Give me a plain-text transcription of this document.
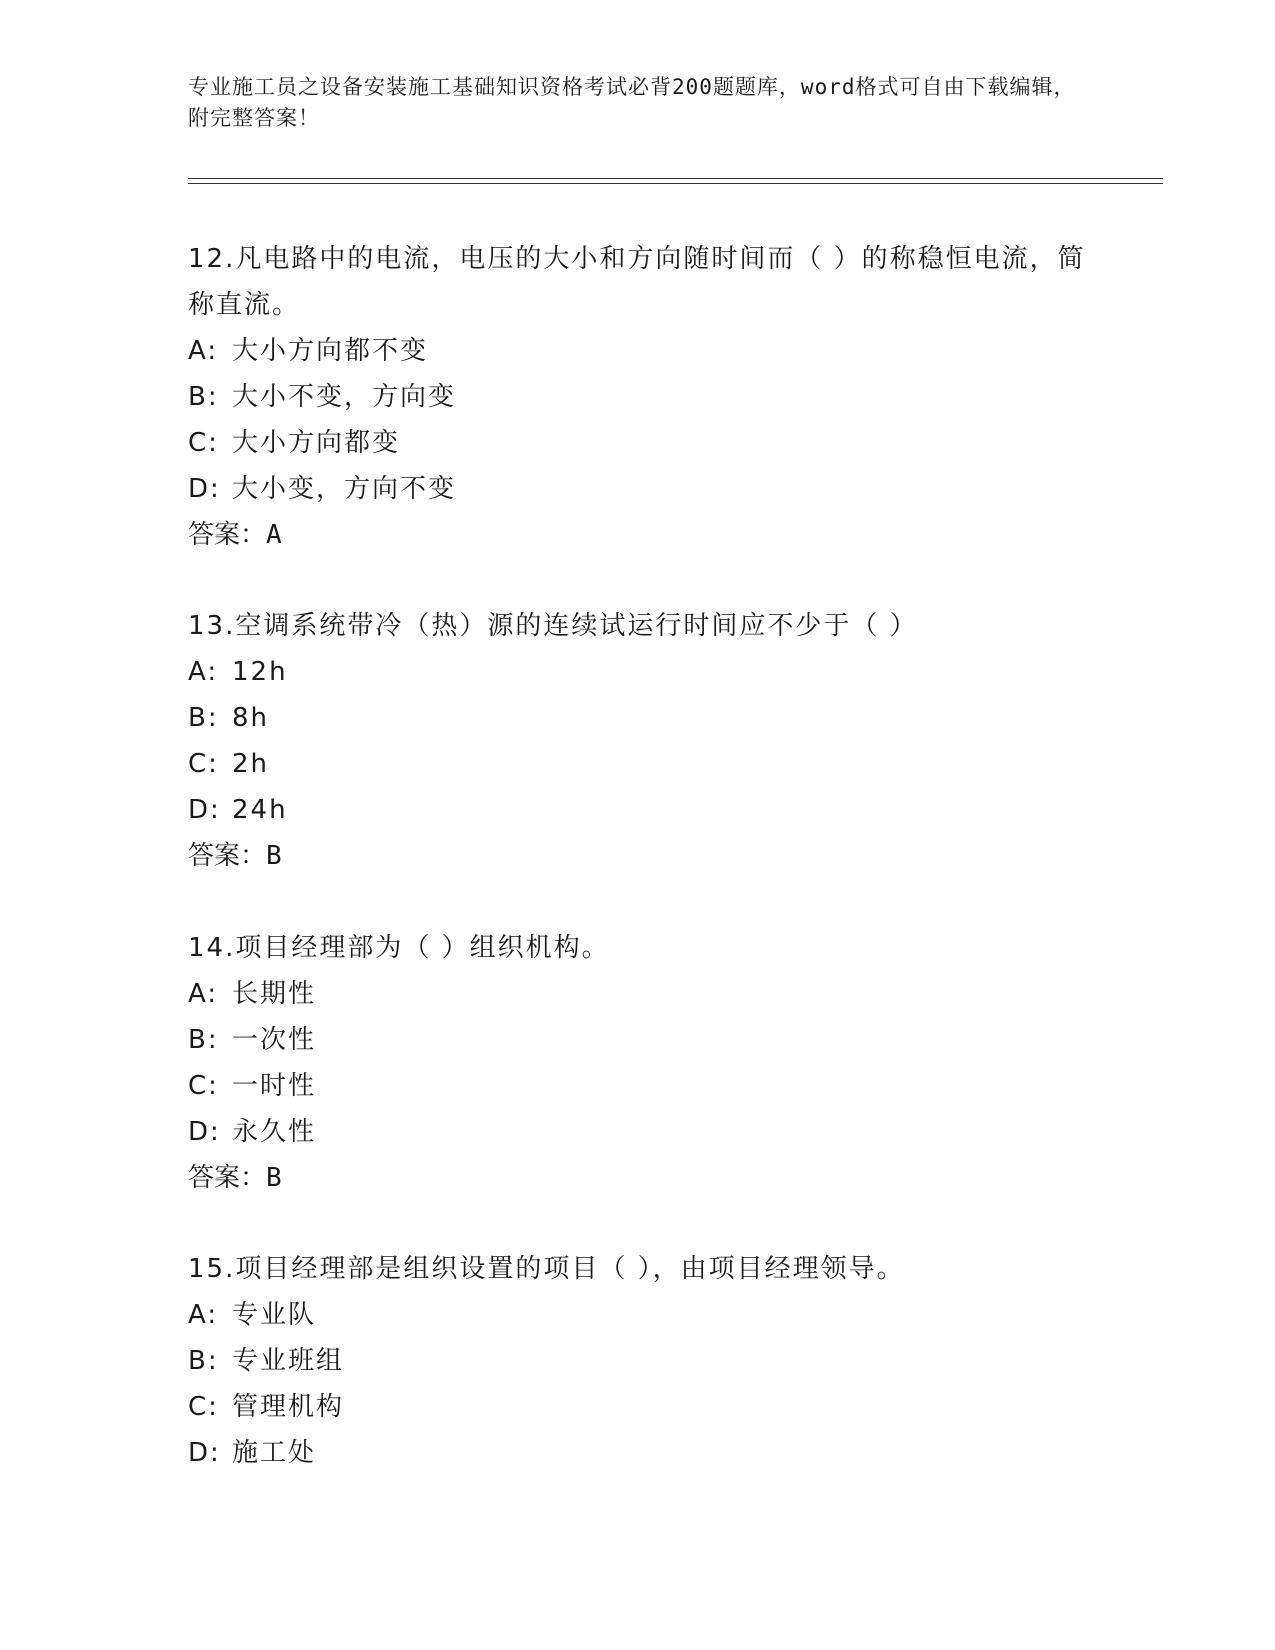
专业施工员之设备安装施工基础知识资格考试必背200题题库，word格式可自由下载编辑，附完整答案！

12.凡电路中的电流，电压的大小和方向随时间而（ ）的称稳恒电流，简称直流。

A: 大小方向都不变

B: 大小不变，方向变

C: 大小方向都变

D: 大小变，方向不变

答案：A

13.空调系统带冷（热）源的连续试运行时间应不少于（ ）

A: 12h

B: 8h

C: 2h

D: 24h

答案：B

14.项目经理部为（ ）组织机构。

A: 长期性

B: 一次性

C: 一时性

D: 永久性

答案：B

15.项目经理部是组织设置的项目（ ），由项目经理领导。

A: 专业队

B: 专业班组

C: 管理机构

D: 施工处
